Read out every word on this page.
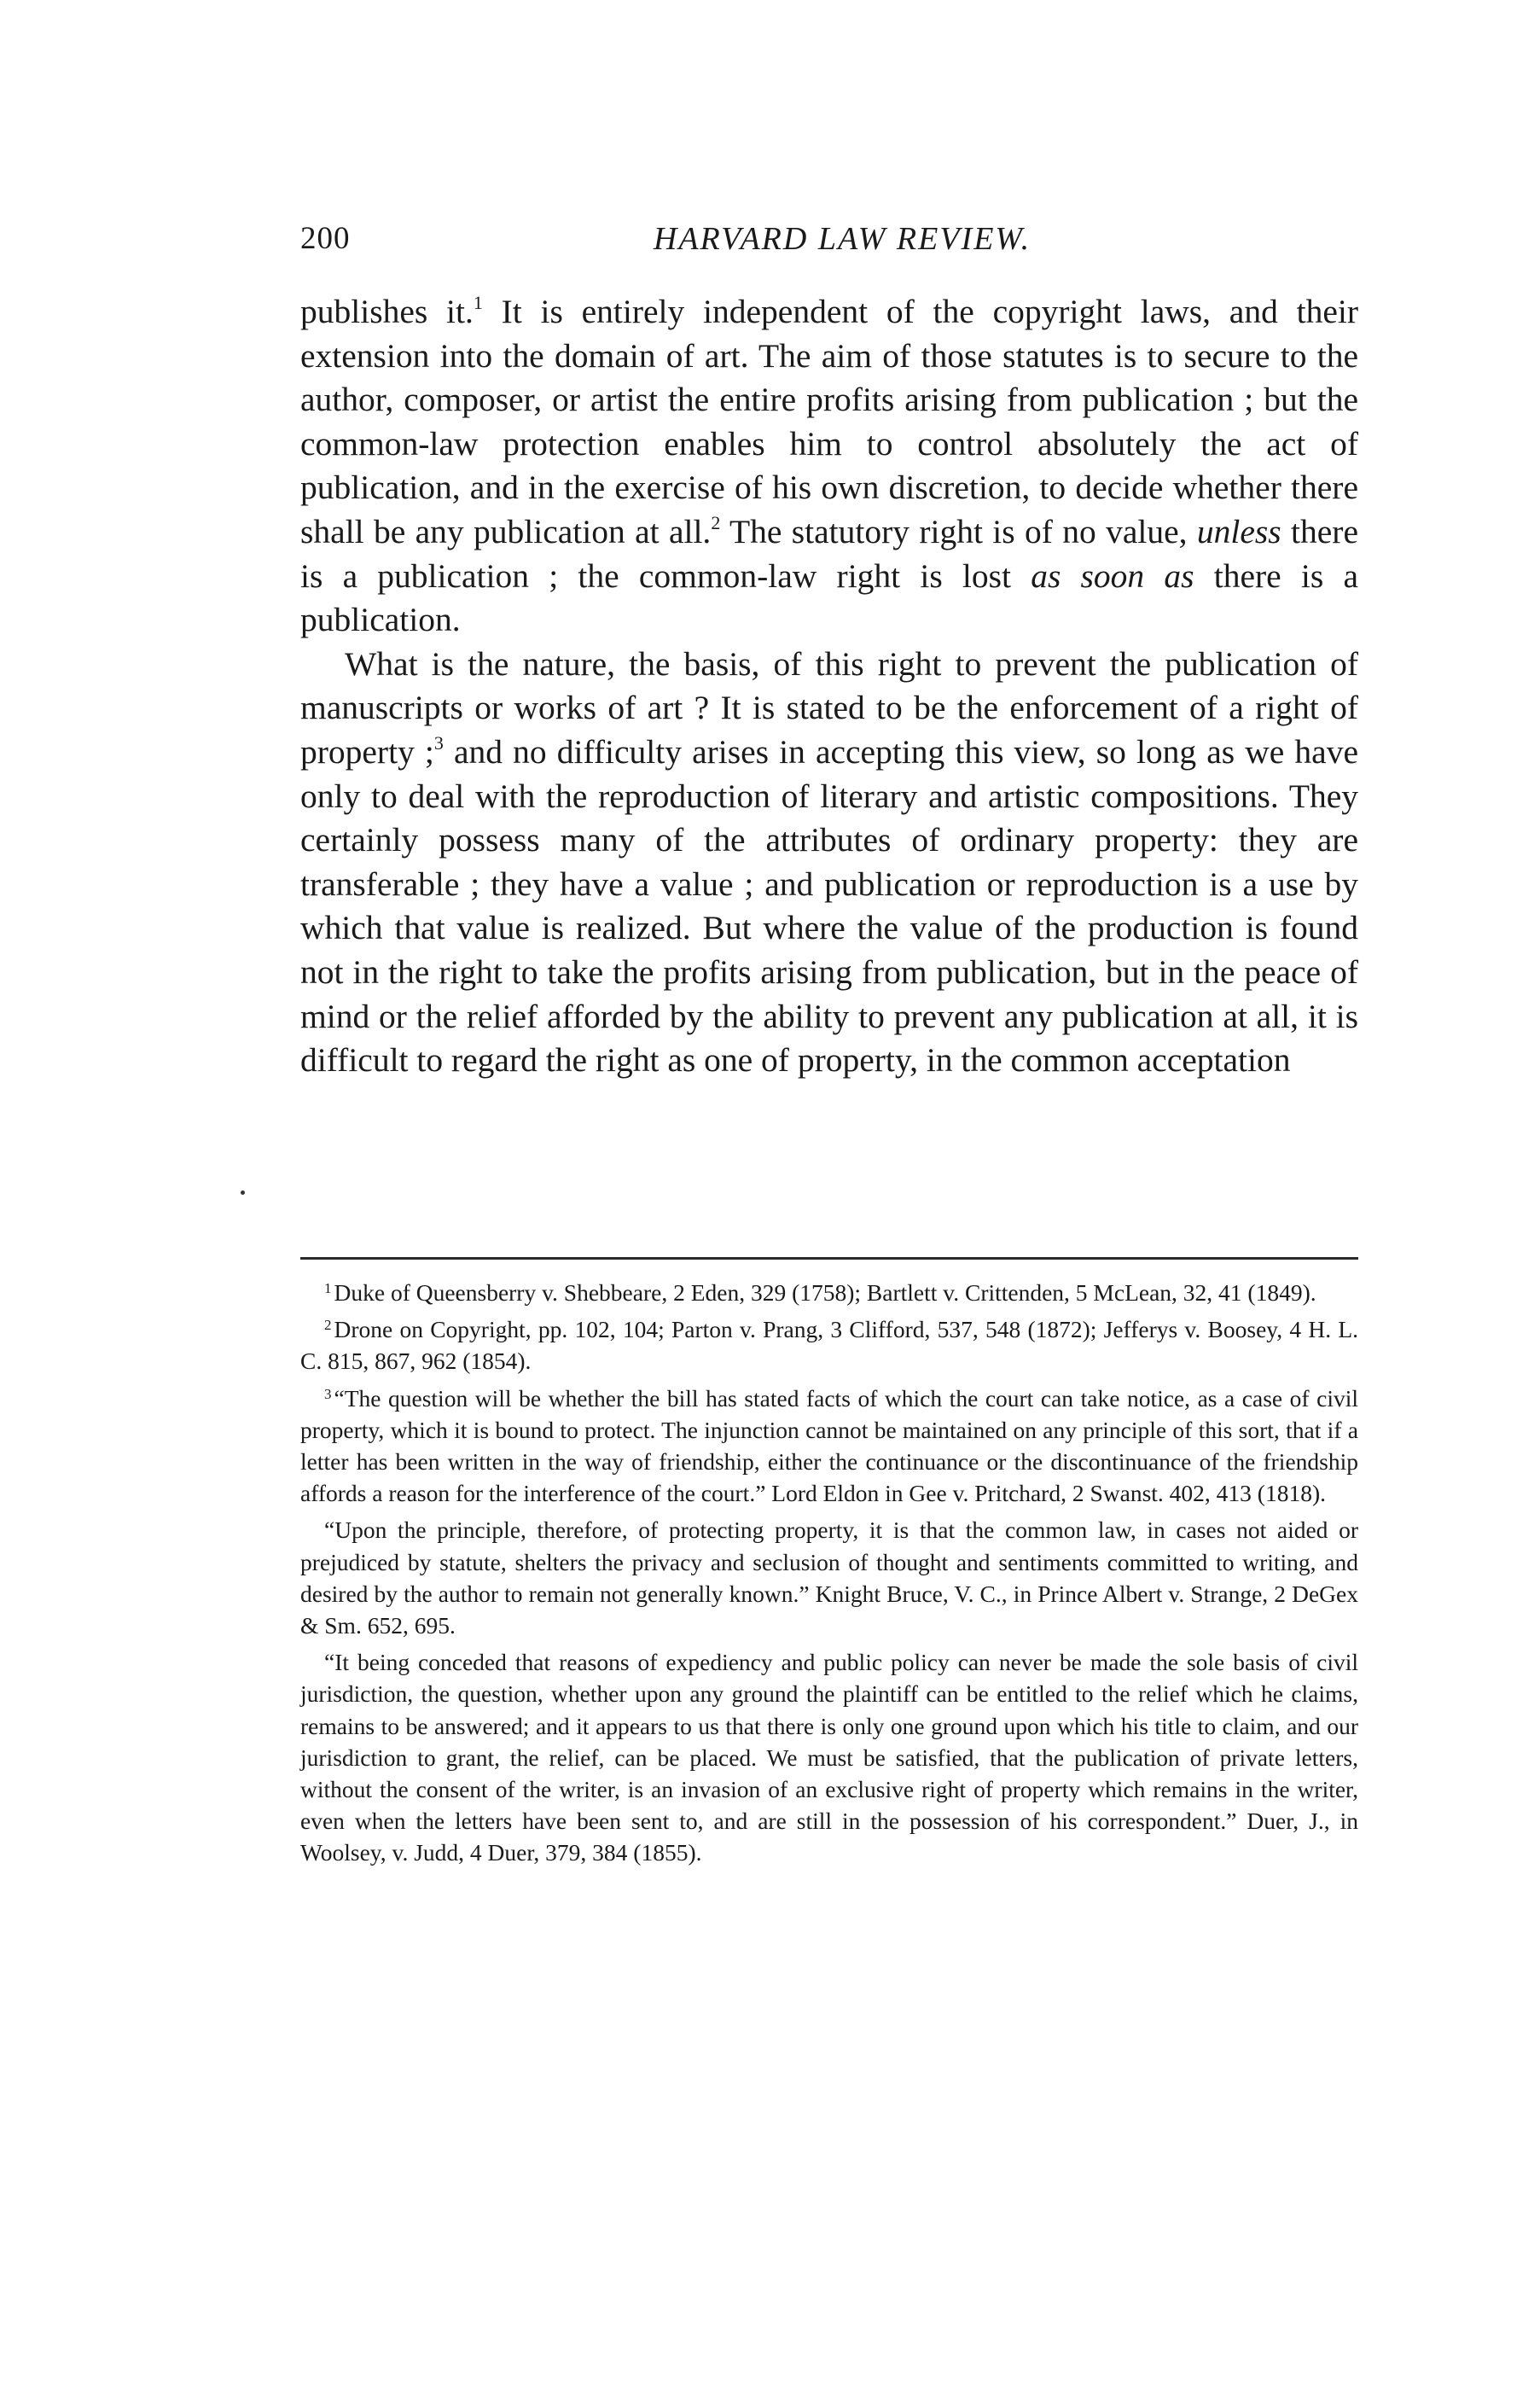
200	HARVARD LAW REVIEW.

publishes it.$^1$ It is entirely independent of the copyright laws, and their extension into the domain of art. The aim of those statutes is to secure to the author, composer, or artist the entire profits arising from publication ; but the common-law protection enables him to control absolutely the act of publication, and in the exercise of his own discretion, to decide whether there shall be any publication at all.$^2$ The statutory right is of no value, unless there is a publication ; the common-law right is lost as soon as there is a publication.

What is the nature, the basis, of this right to prevent the publication of manuscripts or works of art ? It is stated to be the enforcement of a right of property ;$^3$ and no difficulty arises in accepting this view, so long as we have only to deal with the reproduction of literary and artistic compositions. They certainly possess many of the attributes of ordinary property: they are transferable ; they have a value ; and publication or reproduction is a use by which that value is realized. But where the value of the production is found not in the right to take the profits arising from publication, but in the peace of mind or the relief afforded by the ability to prevent any publication at all, it is difficult to regard the right as one of property, in the common acceptation

$^1$ Duke of Queensberry v. Shebbeare, 2 Eden, 329 (1758); Bartlett v. Crittenden, 5 McLean, 32, 41 (1849).

$^2$ Drone on Copyright, pp. 102, 104; Parton v. Prang, 3 Clifford, 537, 548 (1872); Jefferys v. Boosey, 4 H. L. C. 815, 867, 962 (1854).

$^3$ “The question will be whether the bill has stated facts of which the court can take notice, as a case of civil property, which it is bound to protect. The injunction cannot be maintained on any principle of this sort, that if a letter has been written in the way of friendship, either the continuance or the discontinuance of the friendship affords a reason for the interference of the court.” Lord Eldon in Gee v. Pritchard, 2 Swanst. 402, 413 (1818).

“Upon the principle, therefore, of protecting property, it is that the common law, in cases not aided or prejudiced by statute, shelters the privacy and seclusion of thought and sentiments committed to writing, and desired by the author to remain not generally known.” Knight Bruce, V. C., in Prince Albert v. Strange, 2 DeGex & Sm. 652, 695.

“It being conceded that reasons of expediency and public policy can never be made the sole basis of civil jurisdiction, the question, whether upon any ground the plaintiff can be entitled to the relief which he claims, remains to be answered; and it appears to us that there is only one ground upon which his title to claim, and our jurisdiction to grant, the relief, can be placed. We must be satisfied, that the publication of private letters, without the consent of the writer, is an invasion of an exclusive right of property which remains in the writer, even when the letters have been sent to, and are still in the possession of his correspondent.” Duer, J., in Woolsey, v. Judd, 4 Duer, 379, 384 (1855).
